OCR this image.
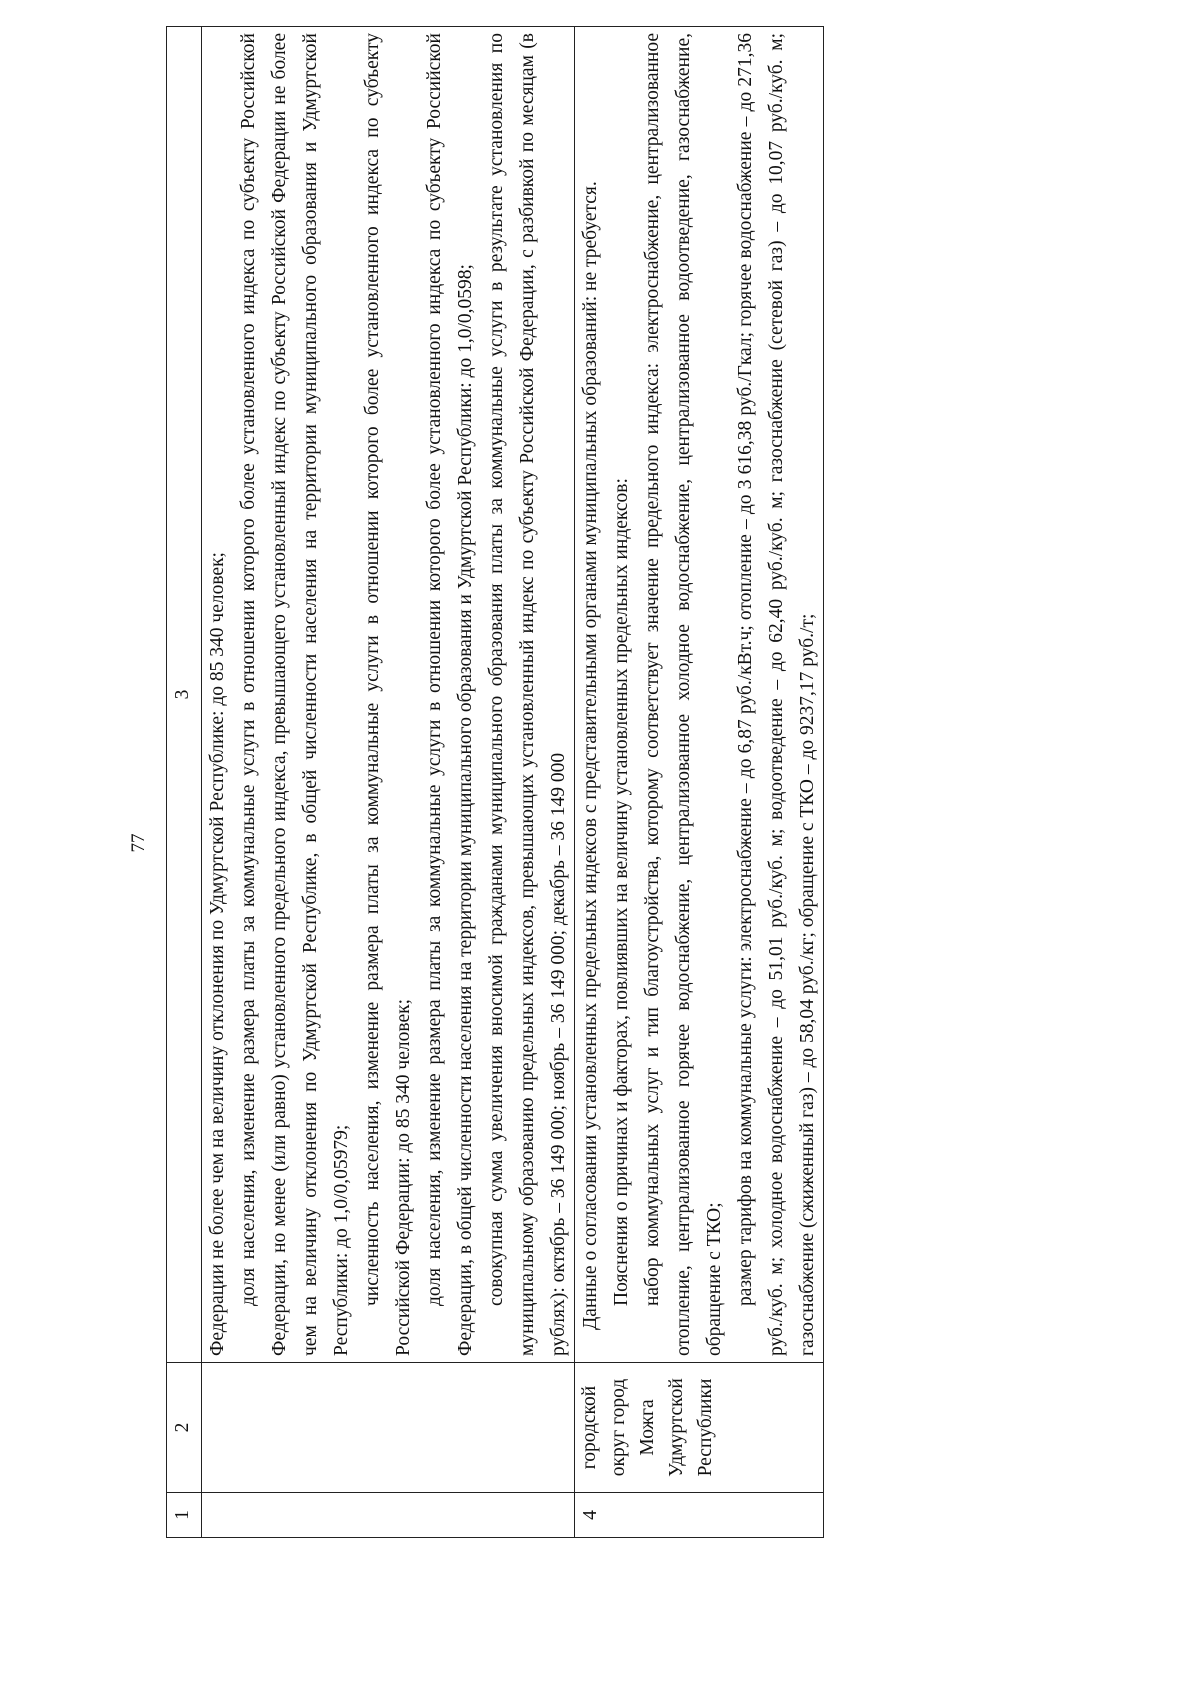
77
1	2	3

		Федерации не более чем на величину отклонения по Удмуртской Республике: до 85 340 человек; доля населения, изменение размера платы за коммунальные услуги в отношении которого более установленного индекса по субъекту Российской Федерации, но менее (или равно) установленного предельного индекса, превышающего установленный индекс по субъекту Российской Федерации не более чем на величину отклонения по Удмуртской Республике, в общей численности населения на территории муниципального образования и Удмуртской Республики: до 1,0/0,05979; численность населения, изменение размера платы за коммунальные услуги в отношении которого более установленного индекса по субъекту Российской Федерации: до 85 340 человек; доля населения, изменение размера платы за коммунальные услуги в отношении которого более установленного индекса по субъекту Российской Федерации, в общей численности населения на территории муниципального образования и Удмуртской Республики: до 1,0/0,0598; совокупная сумма увеличения вносимой гражданами муниципального образования платы за коммунальные услуги в результате установления по муниципальному образованию предельных индексов, превышающих установленный индекс по субъекту Российской Федерации, с разбивкой по месяцам (в рублях): октябрь – 36 149 000; ноябрь – 36 149 000; декабрь – 36 149 000

4	городской округ город Можга Удмуртской Республики	Данные о согласовании установленных предельных индексов с представительными органами муниципальных образований: не требуется. Пояснения о причинах и факторах, повлиявших на величину установленных предельных индексов: набор коммунальных услуг и тип благоустройства, которому соответствует значение предельного индекса: электроснабжение, централизованное отопление, централизованное горячее водоснабжение, централизованное холодное водоснабжение, централизованное водоотведение, газоснабжение, обращение с ТКО; размер тарифов на коммунальные услуги: электроснабжение – до 6,87 руб./кВт.ч; отопление – до 3 616,38 руб./Гкал; горячее водоснабжение – до 271,36 руб./куб. м; холодное водоснабжение – до 51,01 руб./куб. м; водоотведение – до 62,40 руб./куб. м; газоснабжение (сетевой газ) – до 10,07 руб./куб. м; газоснабжение (сжиженный газ) – до 58,04 руб./кг; обращение с ТКО – до 9237,17 руб./т;
